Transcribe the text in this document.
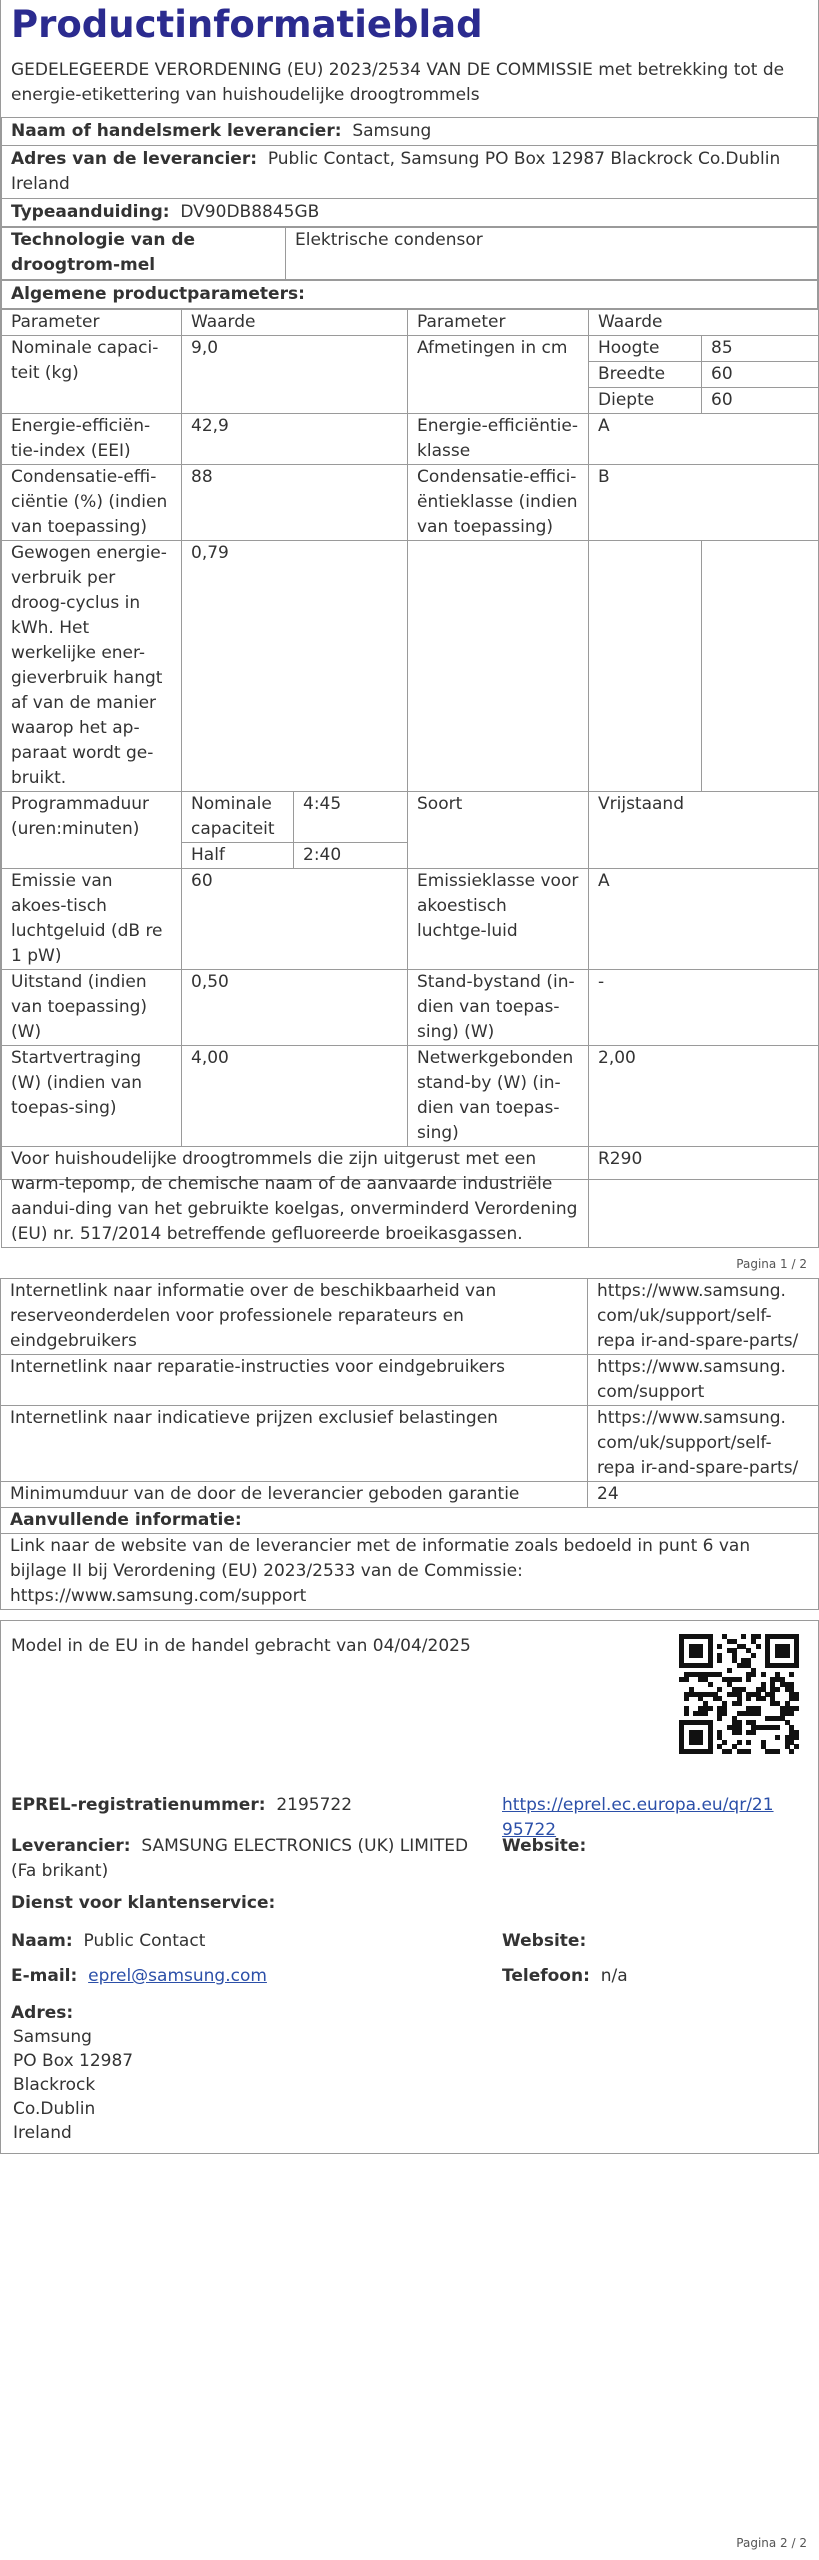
Productinformatieblad
GEDELEGEERDE VERORDENING (EU) 2023/2534 VAN DE COMMISSIE met betrekking tot de energie-etikettering van huishoudelijke droogtrommels
Naam of handelsmerk leverancier: Samsung
Adres van de leverancier: Public Contact, Samsung PO Box 12987 Blackrock Co.Dublin Ireland
Typeaanduiding: DV90DB8845GB
Technologie van de droogtrom-mel	Elektrische condensor
Algemene productparameters:
Parameter	Waarde		Parameter	Waarde	
Nominale capaci-teit (kg)	9,0		Afmetingen in cm	Hoogte	85
				Breedte	60
				Diepte	60
Energie-efficiën-tie-index (EEI)	42,9		Energie-efficiëntie-klasse	A	
Condensatie-effi-ciëntie (%) (indien van toepassing)	88		Condensatie-effici-ëntieklasse (indien van toepassing)	B	
Gewogen energie-verbruik per droog-cyclus in kWh. Het werkelijke ener-gieverbruik hangt af van de manier waarop het ap-paraat wordt ge-bruikt.	0,79				
Programmaduur (uren:minuten)	Nominale capaciteit	4:45	Soort	Vrijstaand	
	Half	2:40			
Emissie van akoes-tisch luchtgeluid (dB re 1 pW)	60		Emissieklasse voor akoestisch luchtge-luid	A	
Uitstand (indien van toepassing) (W)	0,50		Stand-bystand (in-dien van toepas-sing) (W)	-	
Startvertraging (W) (indien van toepas-sing)	4,00		Netwerkgebonden stand-by (W) (in-dien van toepas-sing)	2,00	
Voor huishoudelijke droogtrommels die zijn uitgerust met een warm-tepomp, de chemische naam of de aanvaarde industriële aandui-ding van het gebruikte koelgas, onverminderd Verordening (EU) nr. 517/2014 betreffende gefluoreerde broeikasgassen.				R290	
Pagina 1 / 2
Internetlink naar informatie over de beschikbaarheid van reserveonderdelen voor professionele reparateurs en eindgebruikers	https://www.samsung. com/uk/support/self-repa ir-and-spare-parts/
Internetlink naar reparatie-instructies voor eindgebruikers	https://www.samsung. com/support
Internetlink naar indicatieve prijzen exclusief belastingen	https://www.samsung. com/uk/support/self-repa ir-and-spare-parts/
Minimumduur van de door de leverancier geboden garantie	24
Aanvullende informatie:	
Link naar de website van de leverancier met de informatie zoals bedoeld in punt 6 van bijlage II bij Verordening (EU) 2023/2533 van de Commissie: https://www.samsung.com/support	
Model in de EU in de handel gebracht van 04/04/2025
EPREL-registratienummer: 2195722	https://eprel.ec.europa.eu/qr/21 95722
Leverancier: SAMSUNG ELECTRONICS (UK) LIMITED (Fa brikant)
Website:
Dienst voor klantenservice:
Naam: Public Contact	Website:
E-mail: eprel@samsung.com	Telefoon: n/a
Adres:
Samsung
PO Box 12987
Blackrock
Co.Dublin
Ireland
Pagina 2 / 2
